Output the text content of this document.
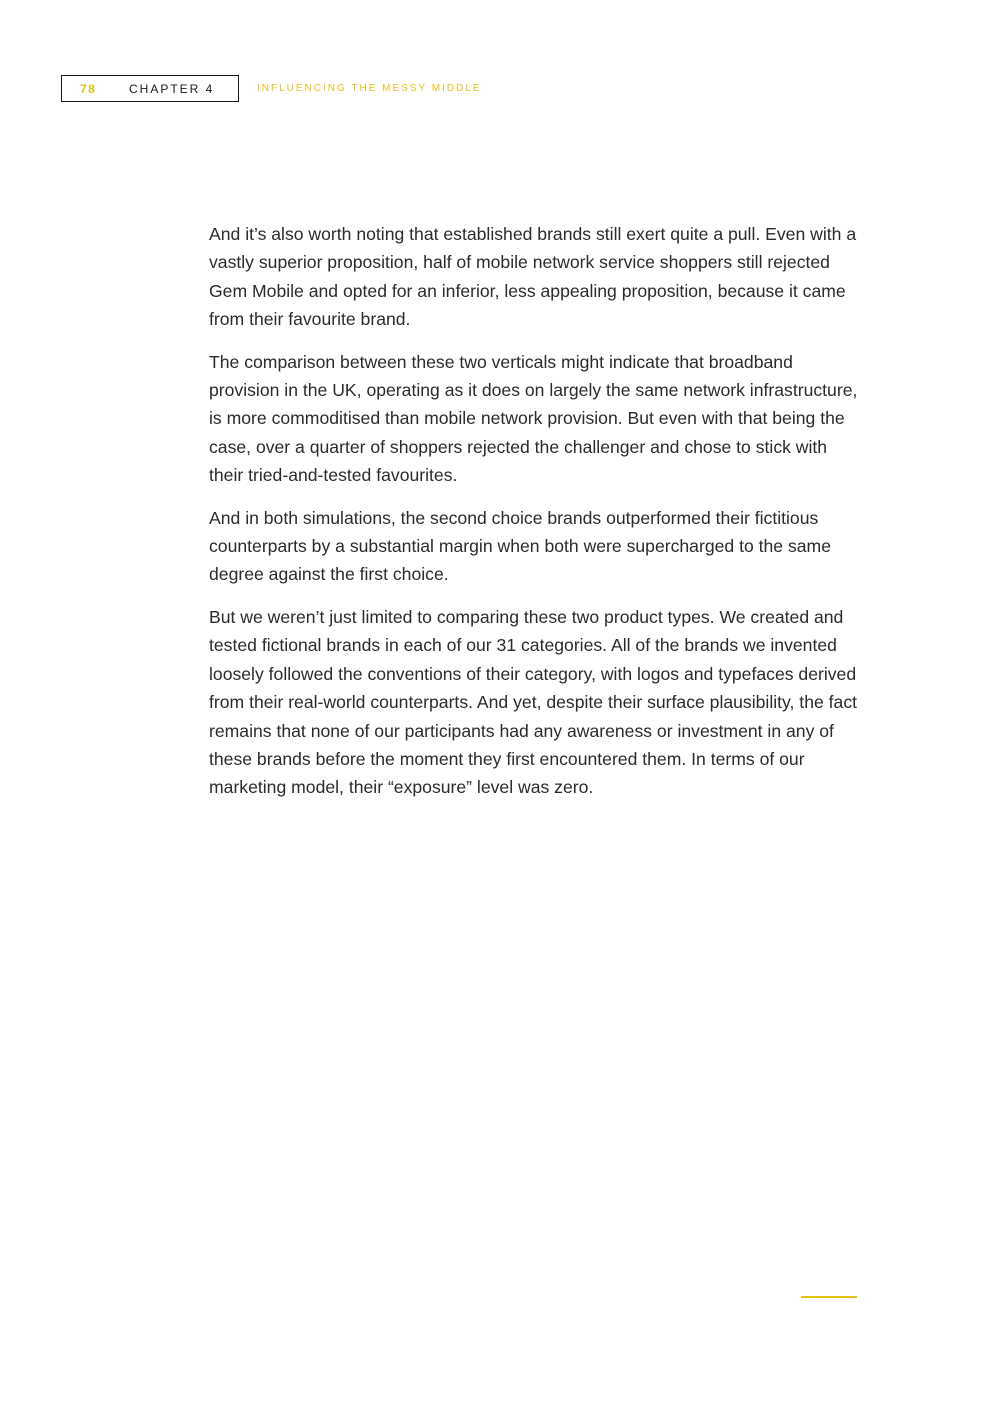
78	CHAPTER 4	INFLUENCING THE MESSY MIDDLE

And it’s also worth noting that established brands still exert quite a pull. Even with a vastly superior proposition, half of mobile network service shoppers still rejected Gem Mobile and opted for an inferior, less appealing proposition, because it came from their favourite brand.

The comparison between these two verticals might indicate that broadband provision in the UK, operating as it does on largely the same network infrastructure, is more commoditised than mobile network provision. But even with that being the case, over a quarter of shoppers rejected the challenger and chose to stick with their tried-and-tested favourites.

And in both simulations, the second choice brands outperformed their fictitious counterparts by a substantial margin when both were supercharged to the same degree against the first choice.

But we weren’t just limited to comparing these two product types. We created and tested fictional brands in each of our 31 categories. All of the brands we invented loosely followed the conventions of their category, with logos and typefaces derived from their real-world counterparts. And yet, despite their surface plausibility, the fact remains that none of our participants had any awareness or investment in any of these brands before the moment they first encountered them. In terms of our marketing model, their “exposure” level was zero.
